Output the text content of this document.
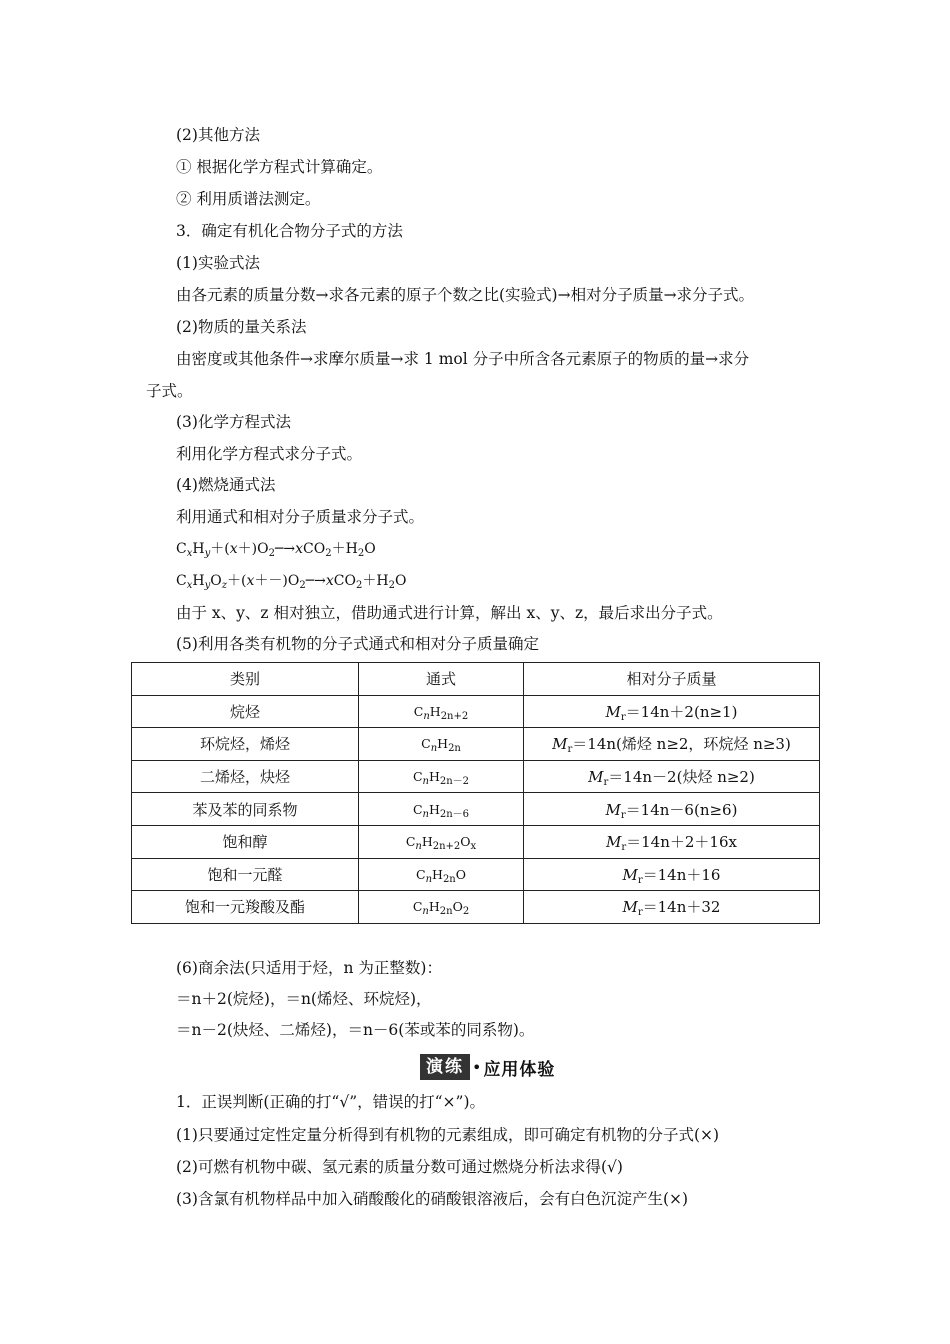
(2)其他方法
① 根据化学方程式计算确定。
② 利用质谱法测定。
3．确定有机化合物分子式的方法
(1)实验式法
由各元素的质量分数→求各元素的原子个数之比(实验式)→相对分子质量→求分子式。
(2)物质的量关系法
由密度或其他条件→求摩尔质量→求 1 mol 分子中所含各元素原子的物质的量→求分
子式。
(3)化学方程式法
利用化学方程式求分子式。
(4)燃烧通式法
利用通式和相对分子质量求分子式。
$C_xH_y+(x+)O_2─\to xCO_2+H_2O$
$C_xH_yO_z+(x+-)O_2─\to xCO_2+H_2O$
由于 x、y、z 相对独立，借助通式进行计算，解出 x、y、z，最后求出分子式。
(5)利用各类有机物的分子式通式和相对分子质量确定
类别	通式	相对分子质量
烷烃	$C_nH_{2n+2}$	$M_r=14n+2(n\ge 1)$
环烷烃，烯烃	$C_nH_{2n}$	$M_r=14n$(烯烃 n≥2，环烷烃 n≥3)
二烯烃，炔烃	$C_nH_{2n-2}$	$M_r=14n-2$(炔烃 n≥2)
苯及苯的同系物	$C_nH_{2n-6}$	$M_r=14n-6(n\ge 6)$
饱和醇	$C_nH_{2n+2}O_x$	$M_r=14n+2+16x$
饱和一元醛	$C_nH_{2n}O$	$M_r=14n+16$
饱和一元羧酸及酯	$C_nH_{2n}O_2$	$M_r=14n+32$
(6)商余法(只适用于烃，n 为正整数)：
＝n＋2(烷烃)，＝n(烯烃、环烷烃)，
＝n－2(炔烃、二烯烃)，＝n－6(苯或苯的同系物)。
演练 • 应用体验
1．正误判断(正确的打“√”，错误的打“×”)。
(1)只要通过定性定量分析得到有机物的元素组成，即可确定有机物的分子式(×)
(2)可燃有机物中碳、氢元素的质量分数可通过燃烧分析法求得(√)
(3)含氯有机物样品中加入硝酸酸化的硝酸银溶液后，会有白色沉淀产生(×)
